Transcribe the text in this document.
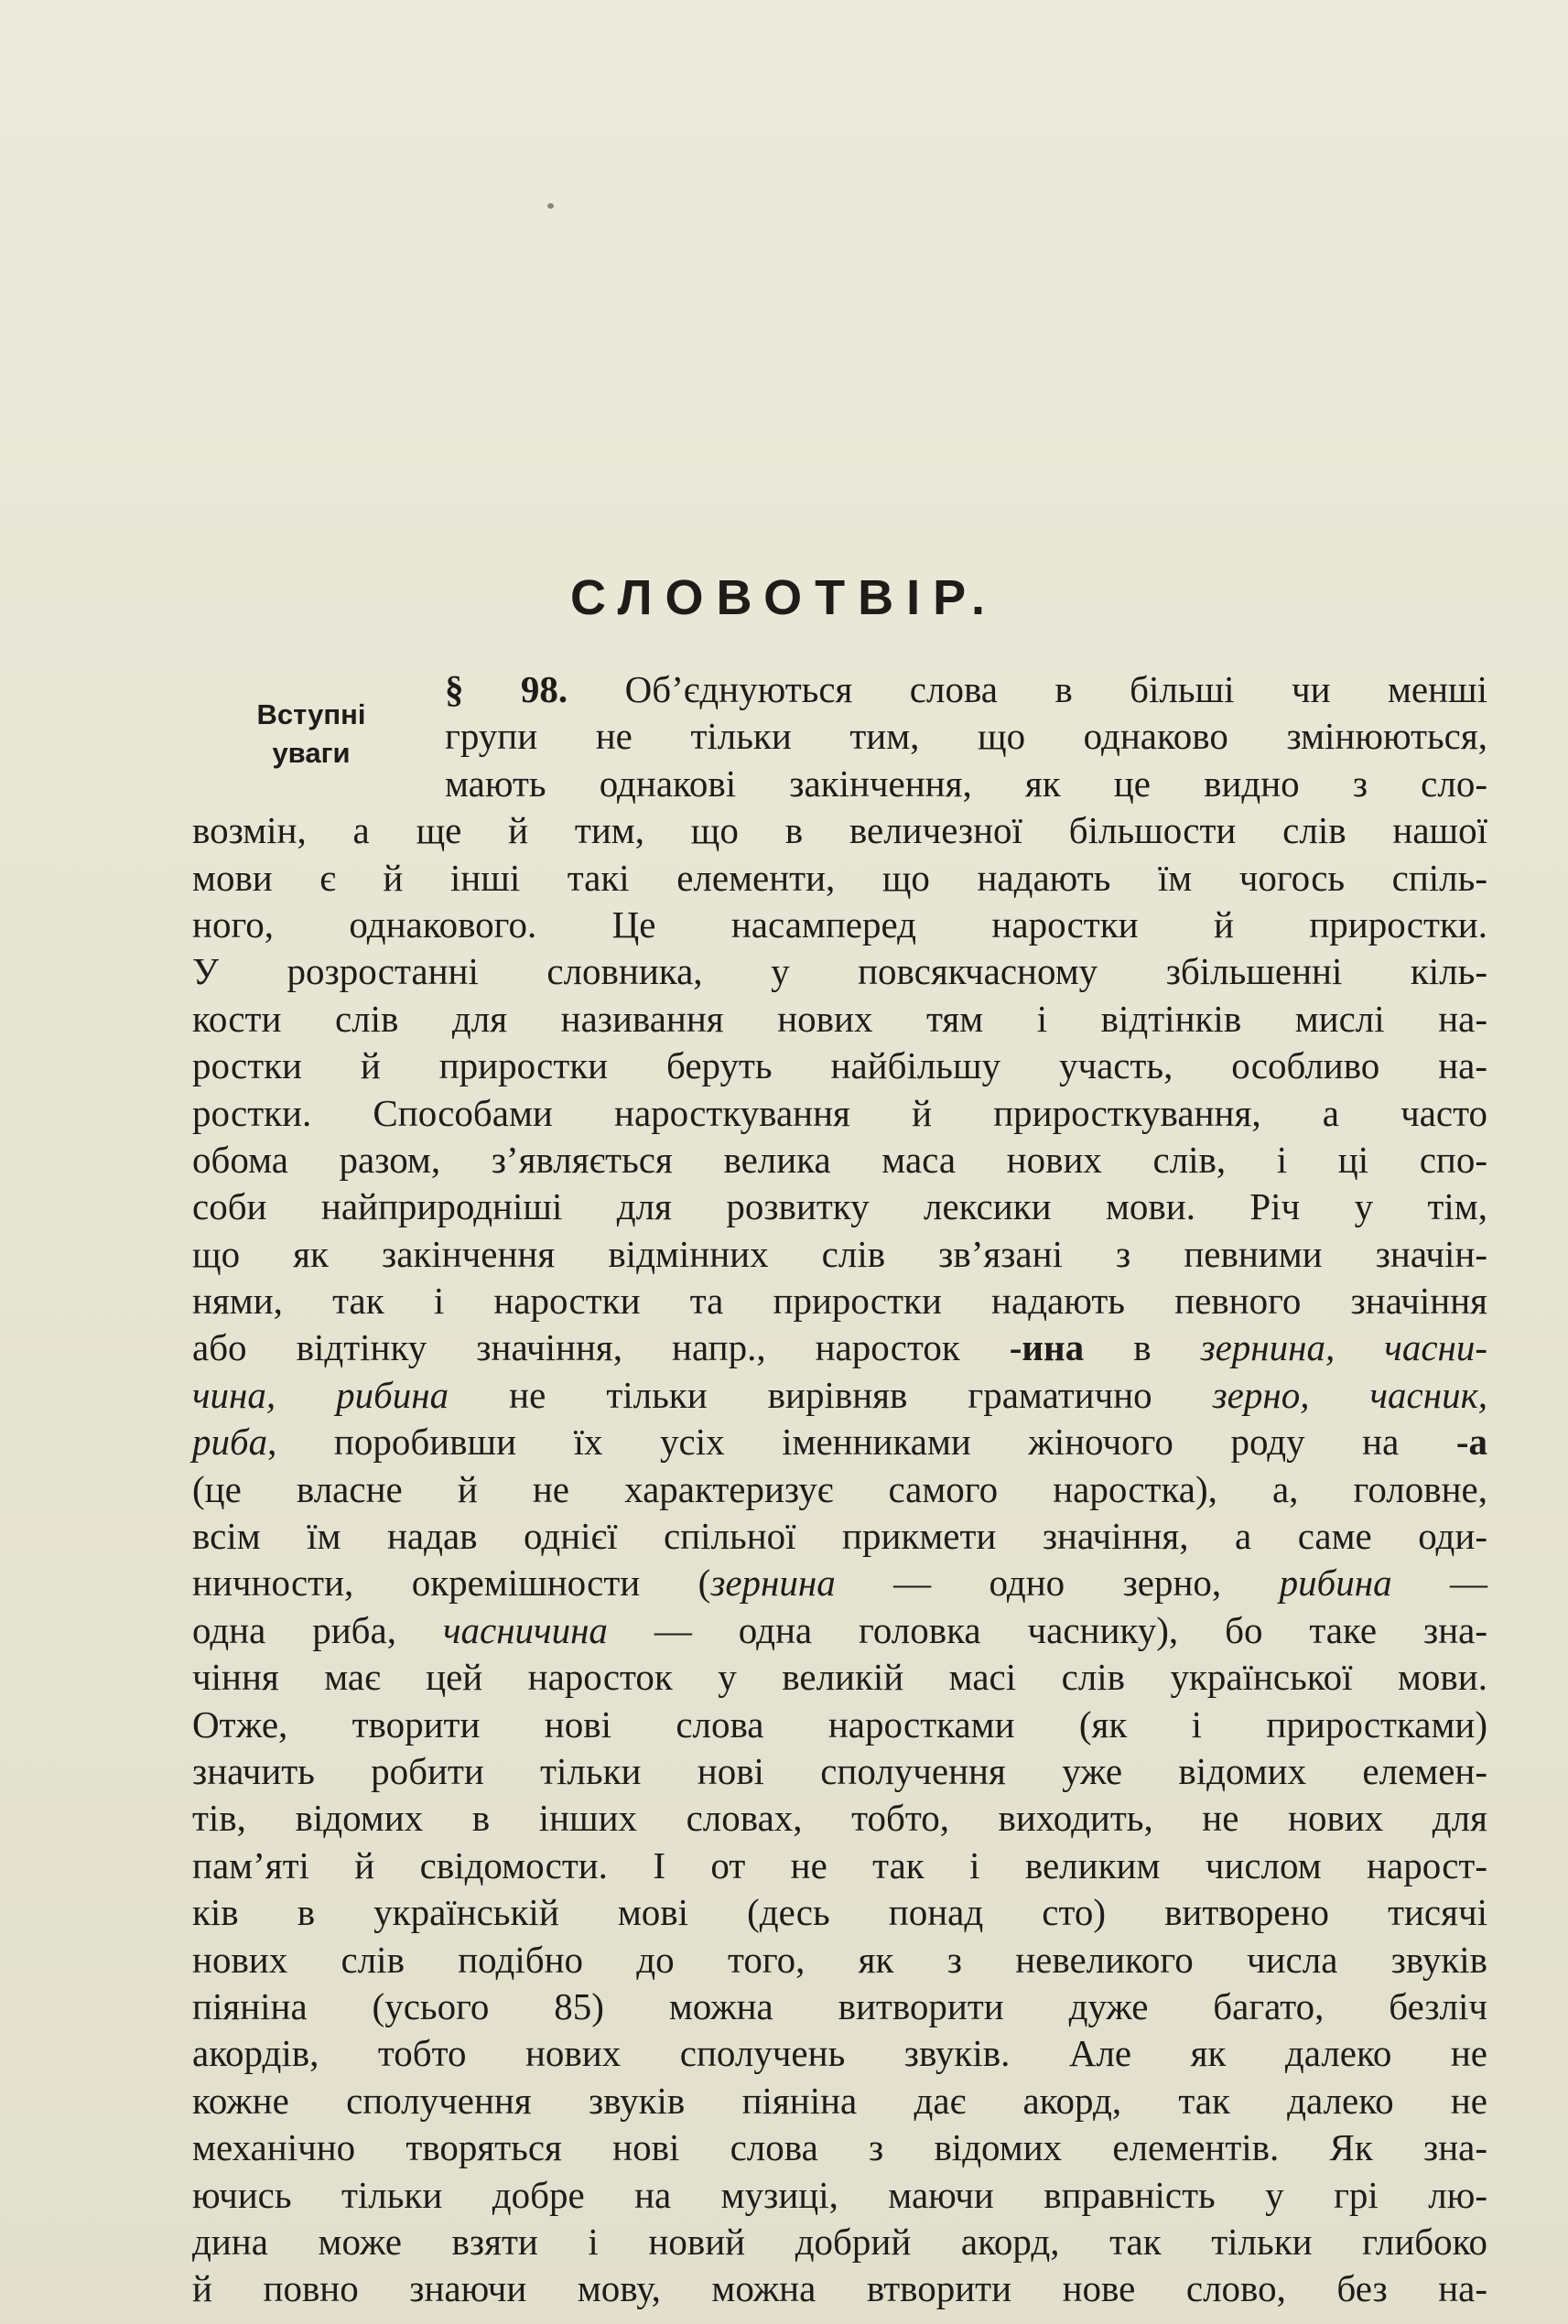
СЛОВОТВІР.
Вступні
уваги
§ 98. Об’єднуються слова в більші чи менші
групи не тільки тим, що однаково змінюються,
мають однакові закінчення, як це видно з сло-
возмін, а ще й тим, що в величезної більшости слів нашої
мови є й інші такі елементи, що надають їм чогось спіль-
ного, однакового. Це насамперед наростки й приростки.
У розростанні словника, у повсякчасному збільшенні кіль-
кости слів для називання нових тям і відтінків мислі на-
ростки й приростки беруть найбільшу участь, особливо на-
ростки. Способами наросткування й приросткування, а часто
обома разом, з’являється велика маса нових слів, і ці спо-
соби найприродніші для розвитку лексики мови. Річ у тім,
що як закінчення відмінних слів зв’язані з певними значін-
нями, так і наростки та приростки надають певного значіння
або відтінку значіння, напр., наросток -ина в зернина, часни-
чина, рибина не тільки вирівняв граматично зерно, часник,
риба, поробивши їх усіх іменниками жіночого роду на -а
(це власне й не характеризує самого наростка), а, головне,
всім їм надав однієї спільної прикмети значіння, а саме оди-
ничности, окремішности (зернина — одно зерно, рибина —
одна риба, часничина — одна головка часнику), бо таке зна-
чіння має цей наросток у великій масі слів української мови.
Отже, творити нові слова наростками (як і приростками)
значить робити тільки нові сполучення уже відомих елемен-
тів, відомих в інших словах, тобто, виходить, не нових для
пам’яті й свідомости. І от не так і великим числом нарост-
ків в українській мові (десь понад сто) витворено тисячі
нових слів подібно до того, як з невеликого числа звуків
піяніна (усього 85) можна витворити дуже багато, безліч
акордів, тобто нових сполучень звуків. Але як далеко не
кожне сполучення звуків піяніна дає акорд, так далеко не
механічно творяться нові слова з відомих елементів. Як зна-
ючись тільки добре на музиці, маючи вправність у грі лю-
дина може взяти і новий добрий акорд, так тільки глибоко
й повно знаючи мову, можна втворити нове слово, без на-
